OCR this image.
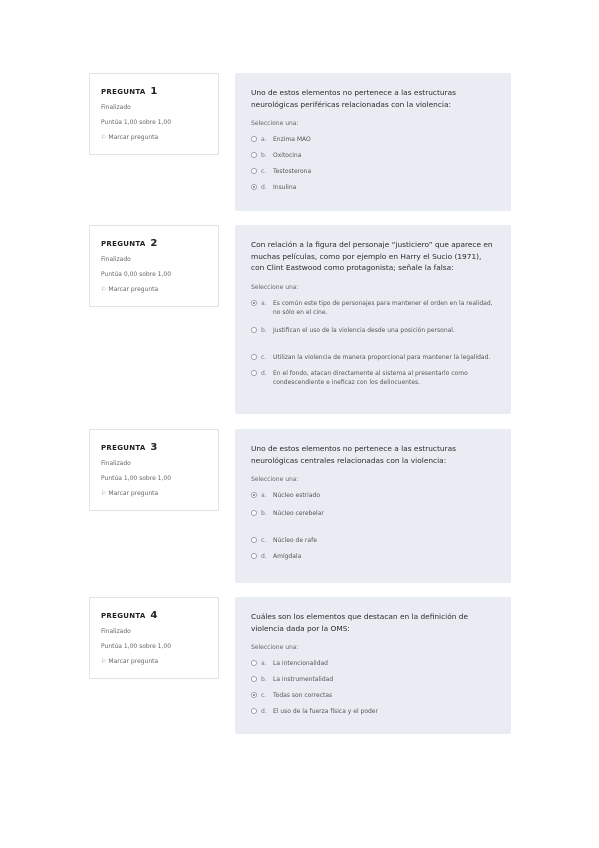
PREGUNTA 1
Finalizado
Puntúa 1,00 sobre 1,00
⚐ Marcar pregunta
Uno de estos elementos no pertenece a las estructuras neurológicas periféricas relacionadas con la violencia:
Seleccione una:
a.	Enzima MAO
b.	Oxitocina
c.	Testosterona
d.	Insulina
PREGUNTA 2
Finalizado
Puntúa 0,00 sobre 1,00
⚐ Marcar pregunta
Con relación a la figura del personaje “justiciero” que aparece en muchas películas, como por ejemplo en Harry el Sucio (1971), con Clint Eastwood como protagonista; señale la falsa:
Seleccione una:
a.	Es común este tipo de personajes para mantener el orden en la realidad, no sólo en el cine.
b.	Justifican el uso de la violencia desde una posición personal.
c.	Utilizan la violencia de manera proporcional para mantener la legalidad.
d.	En el fondo, atacan directamente al sistema al presentarlo como condescendiente e ineficaz con los delincuentes.
PREGUNTA 3
Finalizado
Puntúa 1,00 sobre 1,00
⚐ Marcar pregunta
Uno de estos elementos no pertenece a las estructuras neurológicas centrales relacionadas con la violencia:
Seleccione una:
a.	Núcleo estriado
b.	Núcleo cerebelar
c.	Núcleo de rafe
d.	Amígdala
PREGUNTA 4
Finalizado
Puntúa 1,00 sobre 1,00
⚐ Marcar pregunta
Cuáles son los elementos que destacan en la definición de violencia dada por la OMS:
Seleccione una:
a.	La intencionalidad
b.	La instrumentalidad
c.	Todas son correctas
d.	El uso de la fuerza física y el poder
